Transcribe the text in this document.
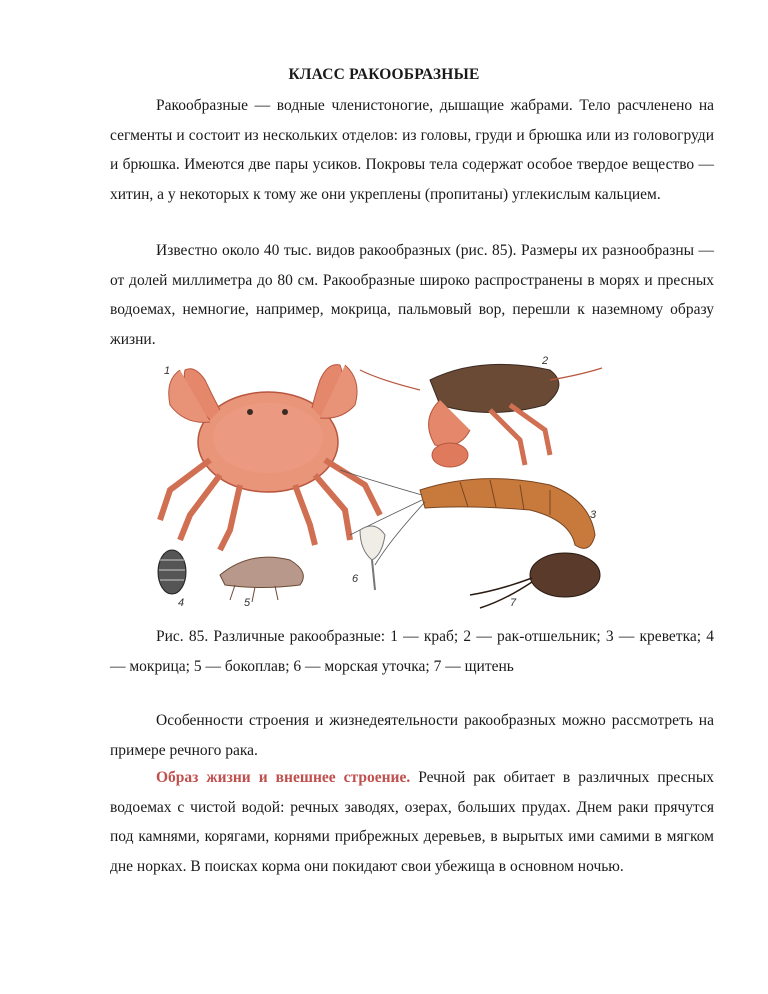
КЛАСС РАКООБРАЗНЫЕ

Ракообразные — водные членистоногие, дышащие жабрами. Тело расчленено на сегменты и состоит из нескольких отделов: из головы, груди и брюшка или из головогруди и брюшка. Имеются две пары усиков. Покровы тела содержат особое твердое вещество — хитин, а у некоторых к тому же они укреплены (пропитаны) углекислым кальцием.

Известно около 40 тыс. видов ракообразных (рис. 85). Размеры их разнообразны — от долей миллиметра до 80 см. Ракообразные широко распространены в морях и пресных водоемах, немногие, например, мокрица, пальмовый вор, перешли к наземному образу жизни.

1
2
3
4	5
6
7

Рис. 85. Различные ракообразные: 1 — краб; 2 — рак-отшельник; 3 — креветка; 4 — мокрица; 5 — бокоплав; 6 — морская уточка; 7 — щитень

Особенности строения и жизнедеятельности ракообразных можно рассмотреть на примере речного рака.

Образ жизни и внешнее строение. Речной рак обитает в различных пресных водоемах с чистой водой: речных заводях, озерах, больших прудах. Днем раки прячутся под камнями, корягами, корнями прибрежных деревьев, в вырытых ими самими в мягком дне норках. В поисках корма они покидают свои убежища в основном ночью.
